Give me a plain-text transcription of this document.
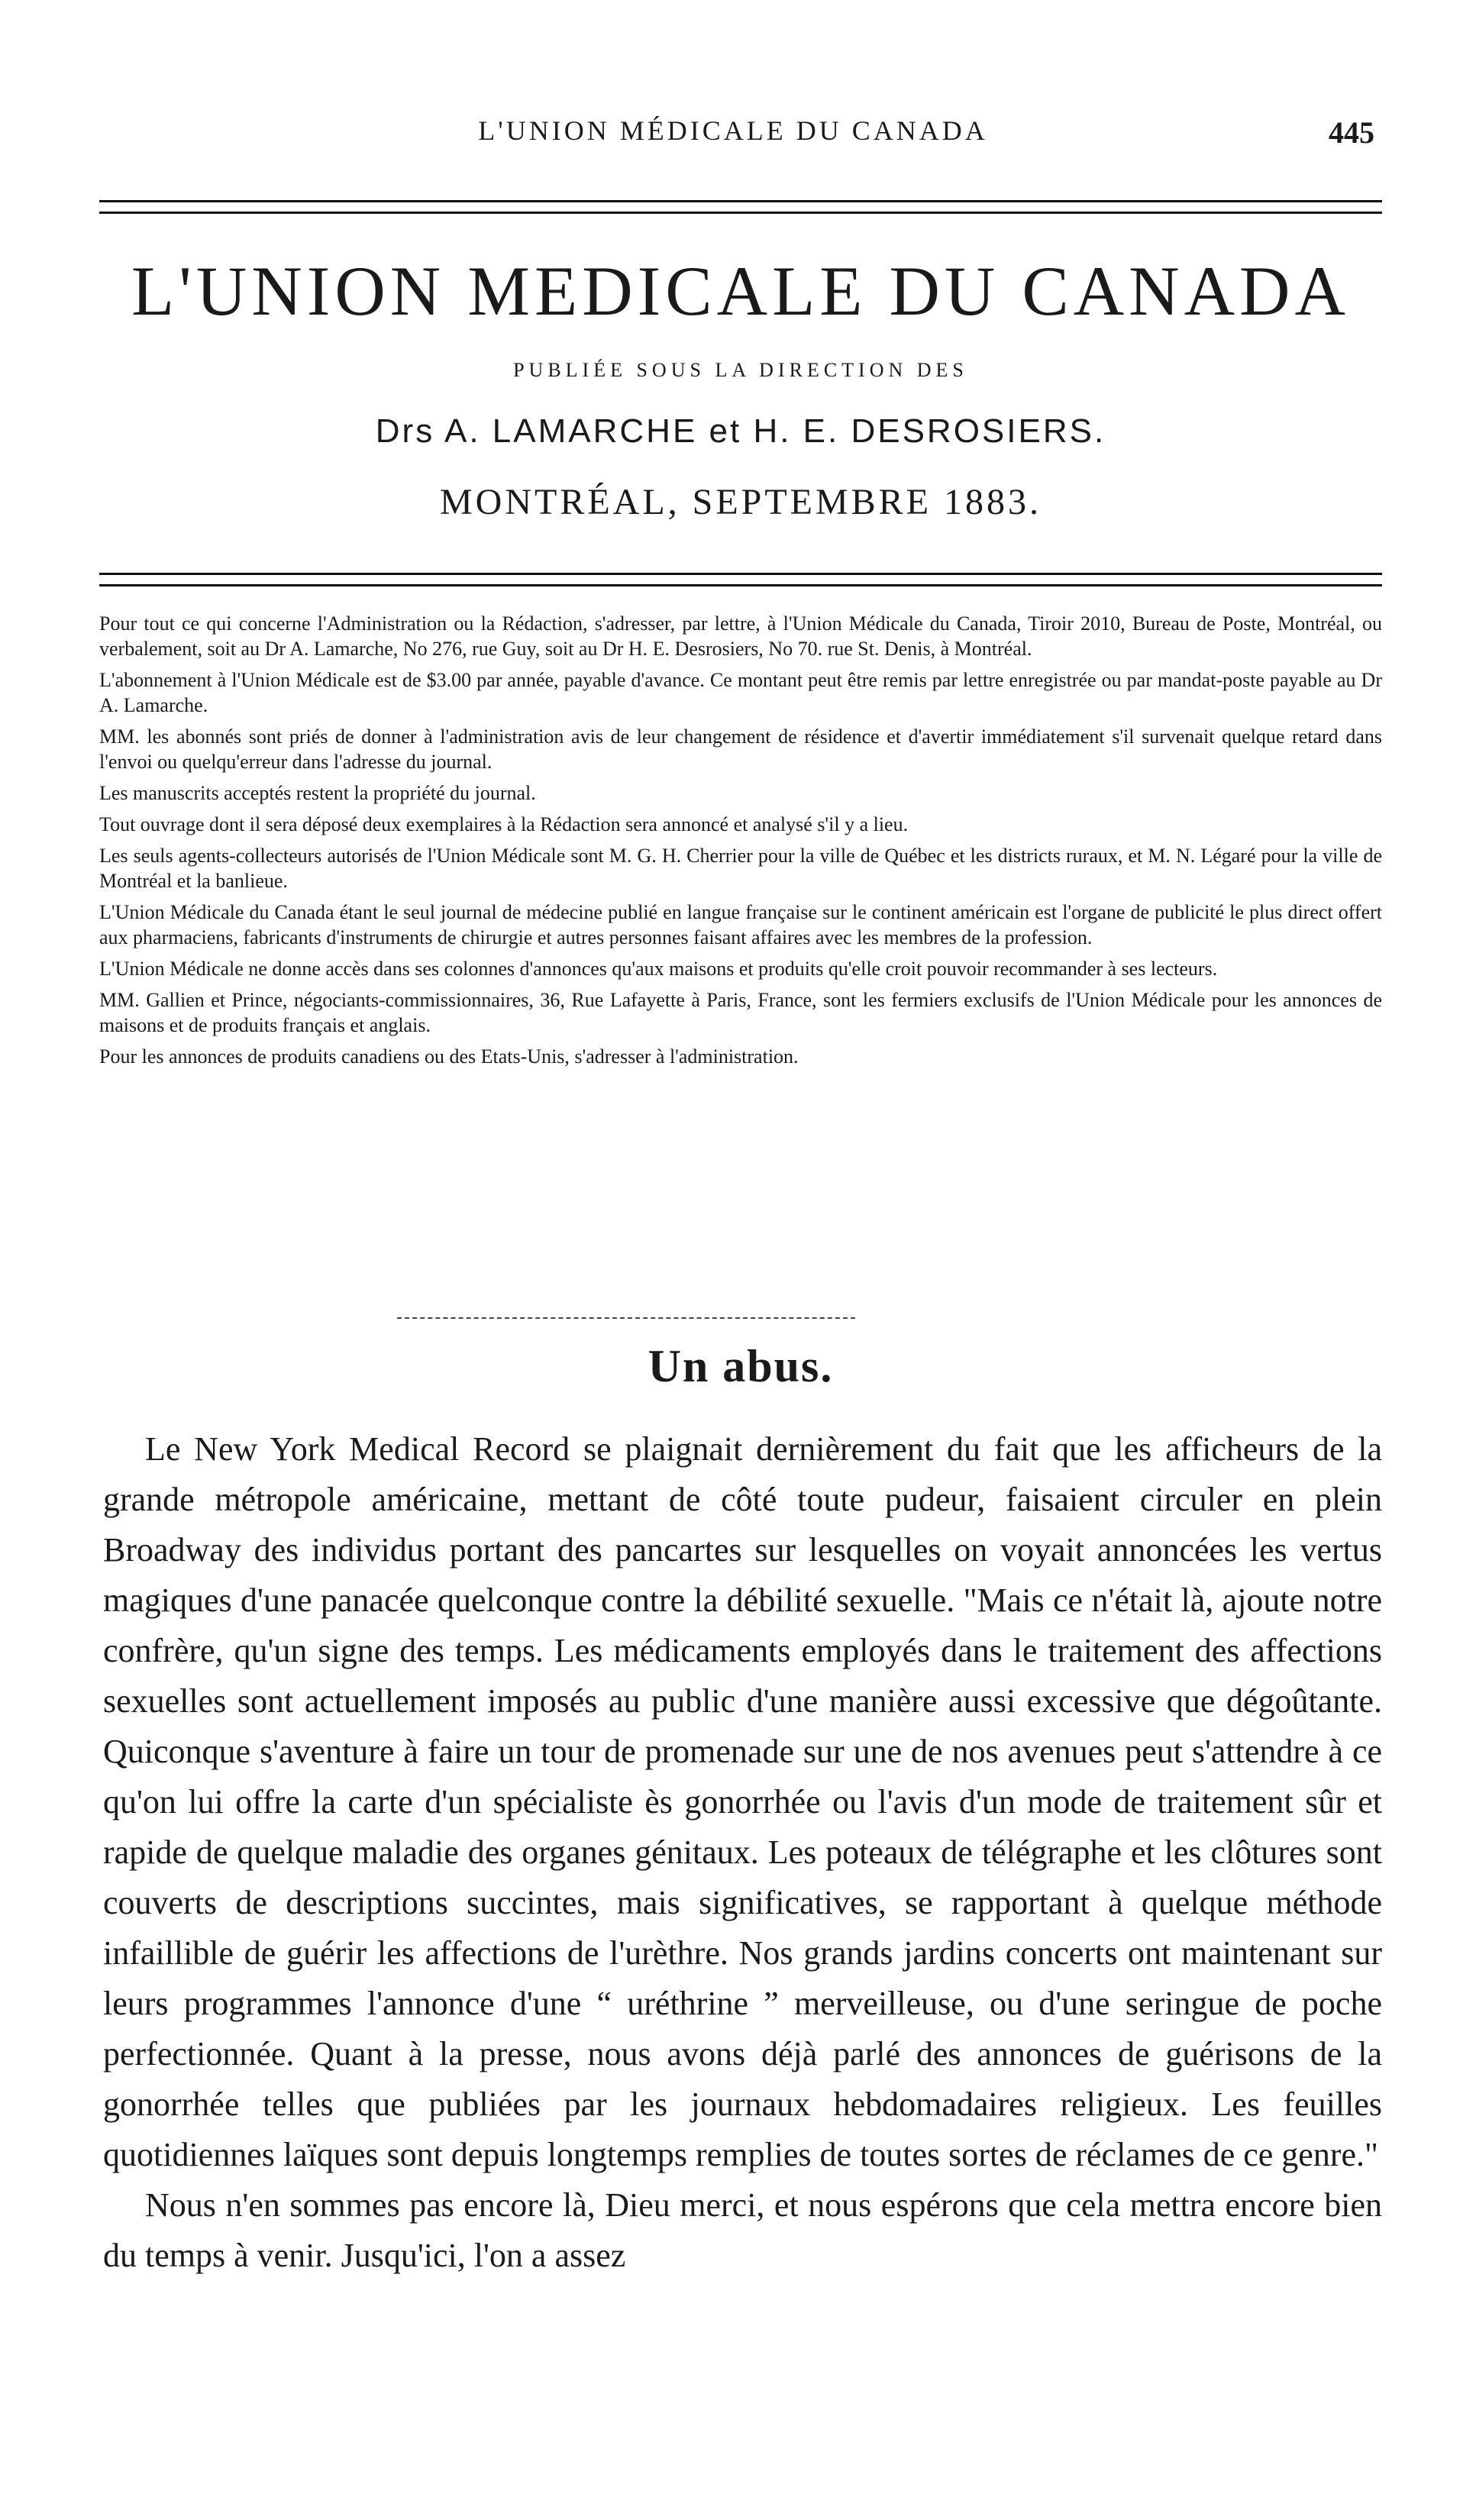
L'UNION MÉDICALE DU CANADA	445
L'UNION MEDICALE DU CANADA
PUBLIÉE SOUS LA DIRECTION DES
Drs A. LAMARCHE et H. E. DESROSIERS.
MONTRÉAL, SEPTEMBRE 1883.

Pour tout ce qui concerne l'Administration ou la Rédaction, s'adresser, par lettre, à l'Union Médicale du Canada, Tiroir 2010, Bureau de Poste, Montréal, ou verbalement, soit au Dr A. Lamarche, No 276, rue Guy, soit au Dr H. E. Desrosiers, No 70. rue St. Denis, à Montréal.

L'abonnement à l'Union Médicale est de $3.00 par année, payable d'avance. Ce montant peut être remis par lettre enregistrée ou par mandat-poste payable au Dr A. Lamarche.

MM. les abonnés sont priés de donner à l'administration avis de leur changement de résidence et d'avertir immédiatement s'il survenait quelque retard dans l'envoi ou quelqu'erreur dans l'adresse du journal.

Les manuscrits acceptés restent la propriété du journal.

Tout ouvrage dont il sera déposé deux exemplaires à la Rédaction sera annoncé et analysé s'il y a lieu.

Les seuls agents-collecteurs autorisés de l'Union Médicale sont M. G. H. Cherrier pour la ville de Québec et les districts ruraux, et M. N. Légaré pour la ville de Montréal et la banlieue.

L'Union Médicale du Canada étant le seul journal de médecine publié en langue française sur le continent américain est l'organe de publicité le plus direct offert aux pharmaciens, fabricants d'instruments de chirurgie et autres personnes faisant affaires avec les membres de la profession.

L'Union Médicale ne donne accès dans ses colonnes d'annonces qu'aux maisons et produits qu'elle croit pouvoir recommander à ses lecteurs.

MM. Gallien et Prince, négociants-commissionnaires, 36, Rue Lafayette à Paris, France, sont les fermiers exclusifs de l'Union Médicale pour les annonces de maisons et de produits français et anglais.

Pour les annonces de produits canadiens ou des Etats-Unis, s'adresser à l'administration.

Un abus.

Le New York Medical Record se plaignait dernièrement du fait que les afficheurs de la grande métropole américaine, mettant de côté toute pudeur, faisaient circuler en plein Broadway des individus portant des pancartes sur lesquelles on voyait annoncées les vertus magiques d'une panacée quelconque contre la débilité sexuelle. "Mais ce n'était là, ajoute notre confrère, qu'un signe des temps. Les médicaments employés dans le traitement des affections sexuelles sont actuellement imposés au public d'une manière aussi excessive que dégoûtante. Quiconque s'aventure à faire un tour de promenade sur une de nos avenues peut s'attendre à ce qu'on lui offre la carte d'un spécialiste ès gonorrhée ou l'avis d'un mode de traitement sûr et rapide de quelque maladie des organes génitaux. Les poteaux de télégraphe et les clôtures sont couverts de descriptions succintes, mais significatives, se rapportant à quelque méthode infaillible de guérir les affections de l'urèthre. Nos grands jardins concerts ont maintenant sur leurs programmes l'annonce d'une “ uréthrine ” merveilleuse, ou d'une seringue de poche perfectionnée. Quant à la presse, nous avons déjà parlé des annonces de guérisons de la gonorrhée telles que publiées par les journaux hebdomadaires religieux. Les feuilles quotidiennes laïques sont depuis longtemps remplies de toutes sortes de réclames de ce genre."

Nous n'en sommes pas encore là, Dieu merci, et nous espérons que cela mettra encore bien du temps à venir. Jusqu'ici, l'on a assez
